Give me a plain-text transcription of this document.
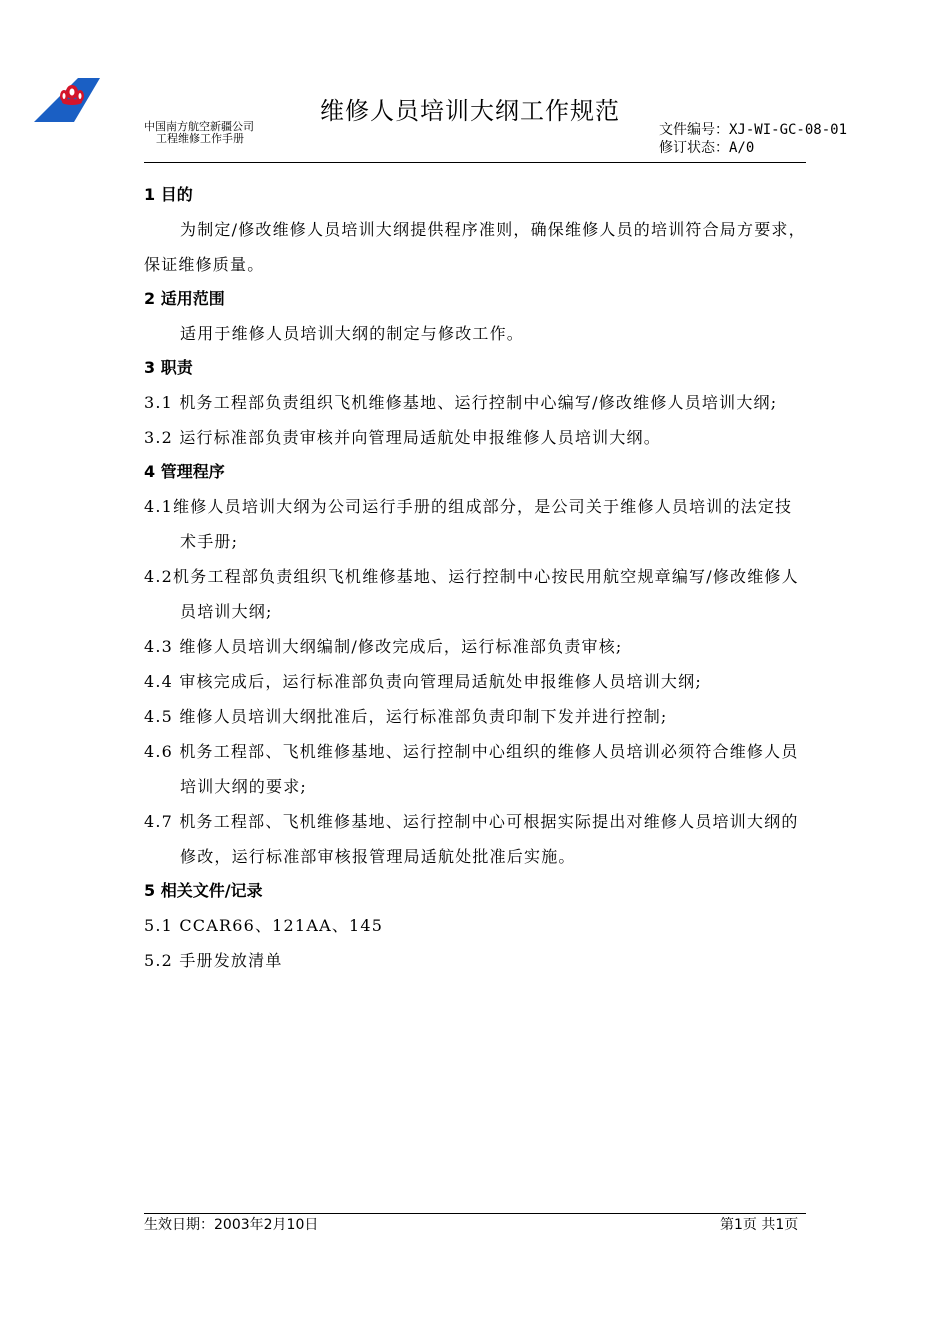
维修人员培训大纲工作规范
中国南方航空新疆公司
工程维修工作手册
文件编号：XJ-WI-GC-08-01
修订状态：A/0
1 目的
为制定/修改维修人员培训大纲提供程序准则，确保维修人员的培训符合局方要求，保证维修质量。
2 适用范围
适用于维修人员培训大纲的制定与修改工作。
3 职责
3.1 机务工程部负责组织飞机维修基地、运行控制中心编写/修改维修人员培训大纲;
3.2 运行标准部负责审核并向管理局适航处申报维修人员培训大纲。
4 管理程序
4.1维修人员培训大纲为公司运行手册的组成部分，是公司关于维修人员培训的法定技术手册;
4.2机务工程部负责组织飞机维修基地、运行控制中心按民用航空规章编写/修改维修人员培训大纲;
4.3 维修人员培训大纲编制/修改完成后，运行标准部负责审核;
4.4 审核完成后，运行标准部负责向管理局适航处申报维修人员培训大纲;
4.5 维修人员培训大纲批准后，运行标准部负责印制下发并进行控制;
4.6 机务工程部、飞机维修基地、运行控制中心组织的维修人员培训必须符合维修人员培训大纲的要求;
4.7 机务工程部、飞机维修基地、运行控制中心可根据实际提出对维修人员培训大纲的修改，运行标准部审核报管理局适航处批准后实施。
5 相关文件/记录
5.1 CCAR66、121AA、145
5.2 手册发放清单
生效日期：2003年2月10日	第1页 共1页
